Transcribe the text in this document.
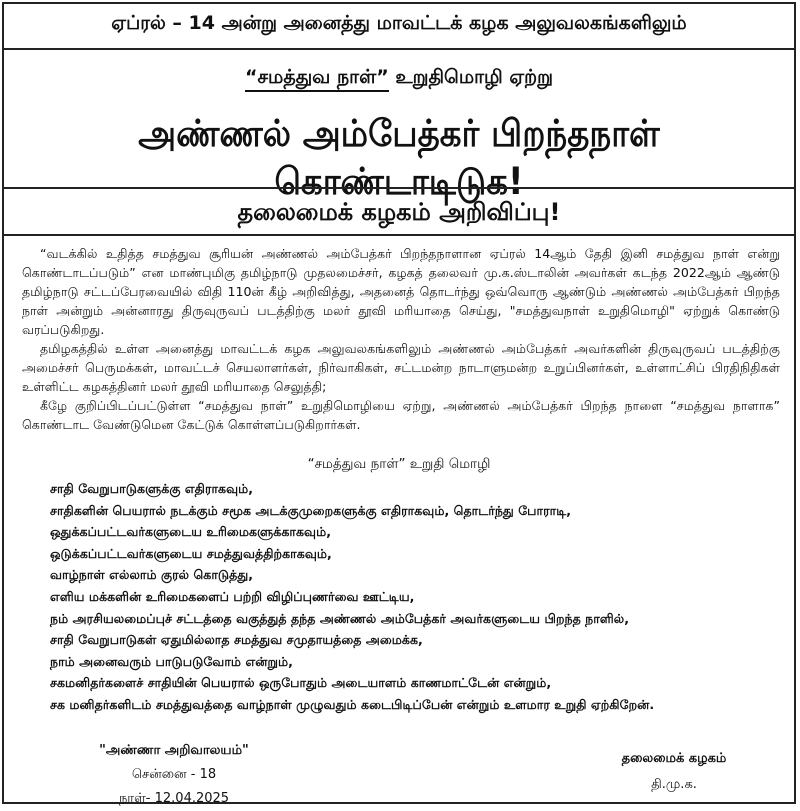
ஏப்ரல் – 14 அன்று அனைத்து மாவட்டக் கழக அலுவலகங்களிலும்
“சமத்துவ நாள்” உறுதிமொழி ஏற்று
அண்ணல் அம்பேத்கர் பிறந்தநாள் கொண்டாடிடுக!
தலைமைக் கழகம் அறிவிப்பு!

“வடக்கில் உதித்த சமத்துவ சூரியன் அண்ணல் அம்பேத்கர் பிறந்தநாளான ஏப்ரல் 14ஆம் தேதி இனி சமத்துவ நாள் என்று கொண்டாடப்படும்” என மாண்புமிகு தமிழ்நாடு முதலமைச்சர், கழகத் தலைவர் மு.க.ஸ்டாலின் அவர்கள் கடந்த 2022ஆம் ஆண்டு தமிழ்நாடு சட்டப்பேரவையில் விதி 110ன் கீழ் அறிவித்து, அதனைத் தொடர்ந்து ஒவ்வொரு ஆண்டும் அண்ணல் அம்பேத்கர் பிறந்த நாள் அன்றும் அன்னாரது திருவுருவப் படத்திற்கு மலர் தூவி மரியாதை செய்து, "சமத்துவநாள் உறுதிமொழி" ஏற்றுக் கொண்டு வரப்படுகிறது.

தமிழகத்தில் உள்ள அனைத்து மாவட்டக் கழக அலுவலகங்களிலும் அண்ணல் அம்பேத்கர் அவர்களின் திருவுருவப் படத்திற்கு அமைச்சர் பெருமக்கள், மாவட்டச் செயலாளர்கள், நிர்வாகிகள், சட்டமன்ற நாடாளுமன்ற உறுப்பினர்கள், உள்ளாட்சிப் பிரதிநிதிகள் உள்ளிட்ட கழகத்தினர் மலர் தூவி மரியாதை செலுத்தி;

கீழே குறிப்பிடப்பட்டுள்ள “சமத்துவ நாள்” உறுதிமொழியை ஏற்று, அண்ணல் அம்பேத்கர் பிறந்த நாளை “சமத்துவ நாளாக” கொண்டாட வேண்டுமென கேட்டுக் கொள்ளப்படுகிறார்கள்.

“சமத்துவ நாள்” உறுதி மொழி
சாதி வேறுபாடுகளுக்கு எதிராகவும்,
சாதிகளின் பெயரால் நடக்கும் சமூக அடக்குமுறைகளுக்கு எதிராகவும், தொடர்ந்து போராடி,
ஒதுக்கப்பட்டவர்களுடைய உரிமைகளுக்காகவும்,
ஒடுக்கப்பட்டவர்களுடைய சமத்துவத்திற்காகவும்,
வாழ்நாள் எல்லாம் குரல் கொடுத்து,
எளிய மக்களின் உரிமைகளைப் பற்றி விழிப்புணர்வை ஊட்டிய,
நம் அரசியலமைப்புச் சட்டத்தை வகுத்துத் தந்த அண்ணல் அம்பேத்கர் அவர்களுடைய பிறந்த நாளில்,
சாதி வேறுபாடுகள் ஏதுமில்லாத சமத்துவ சமுதாயத்தை அமைக்க,
நாம் அனைவரும் பாடுபடுவோம் என்றும்,
சகமனிதர்களைச் சாதியின் பெயரால் ஒருபோதும் அடையாளம் காணமாட்டேன் என்றும்,
சக மனிதர்களிடம் சமத்துவத்தை வாழ்நாள் முழுவதும் கடைபிடிப்பேன் என்றும் உளமார உறுதி ஏற்கிறேன்.
"அண்ணா அறிவாலயம்"
சென்னை - 18
நாள்- 12.04.2025
தலைமைக் கழகம்
தி.மு.க.
